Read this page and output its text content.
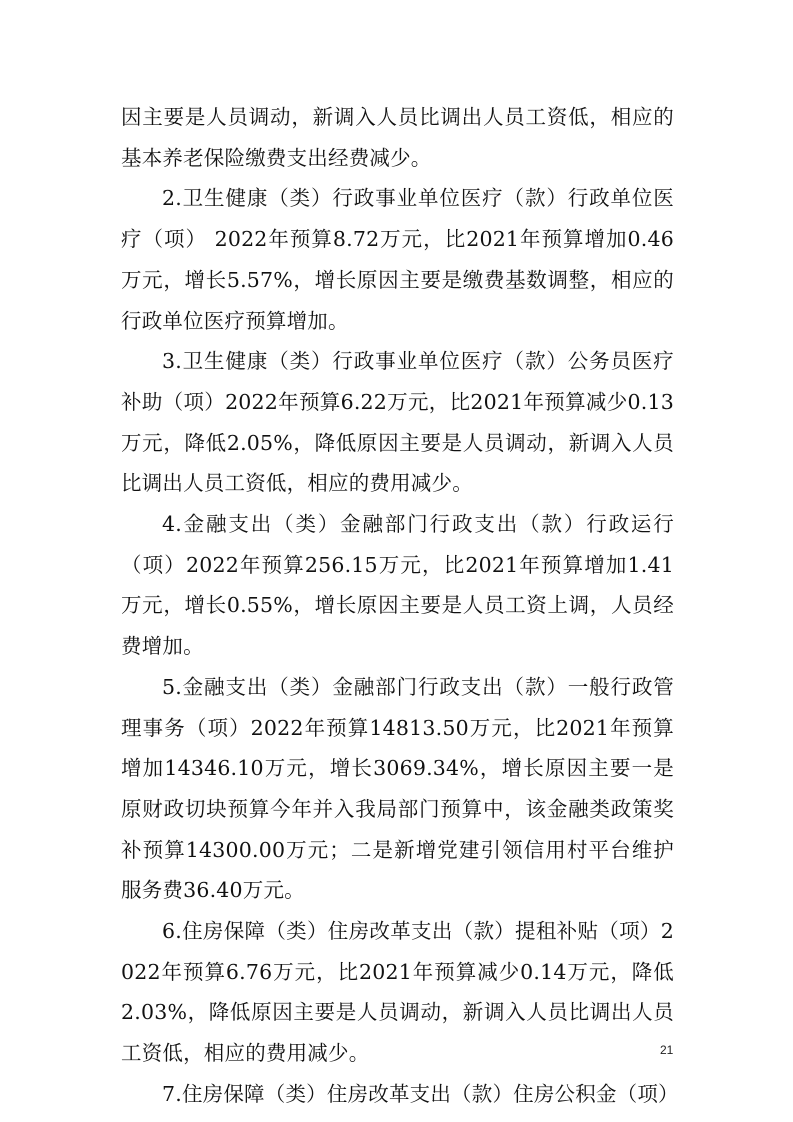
因主要是人员调动，新调入人员比调出人员工资低，相应的基本养老保险缴费支出经费减少。

2.卫生健康（类）行政事业单位医疗（款）行政单位医疗（项） 2022年预算8.72万元，比2021年预算增加0.46万元，增长5.57%，增长原因主要是缴费基数调整，相应的行政单位医疗预算增加。

3.卫生健康（类）行政事业单位医疗（款）公务员医疗补助（项）2022年预算6.22万元，比2021年预算减少0.13万元，降低2.05%，降低原因主要是人员调动，新调入人员比调出人员工资低，相应的费用减少。

4.金融支出（类）金融部门行政支出（款）行政运行（项）2022年预算256.15万元，比2021年预算增加1.41万元，增长0.55%，增长原因主要是人员工资上调，人员经费增加。

5.金融支出（类）金融部门行政支出（款）一般行政管理事务（项）2022年预算14813.50万元，比2021年预算增加14346.10万元，增长3069.34%，增长原因主要一是原财政切块预算今年并入我局部门预算中，该金融类政策奖补预算14300.00万元；二是新增党建引领信用村平台维护服务费36.40万元。

6.住房保障（类）住房改革支出（款）提租补贴（项）2022年预算6.76万元，比2021年预算减少0.14万元，降低2.03%，降低原因主要是人员调动，新调入人员比调出人员工资低，相应的费用减少。

7.住房保障（类）住房改革支出（款）住房公积金（项）

21
